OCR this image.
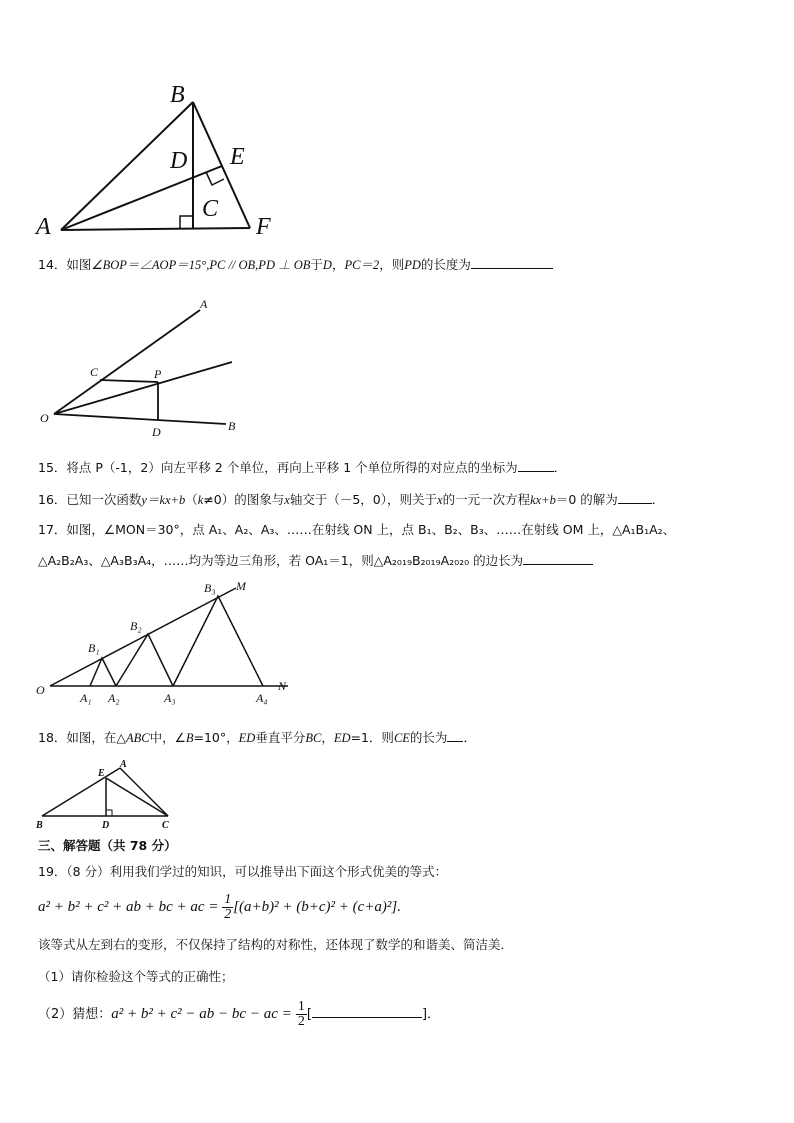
B
D E
C
A	F
14．如图∠BOP＝∠AOP＝15°,PC // OB,PD ⊥ OB于D，PC＝2，则PD的长度为
A
C	P
O
D	B
15．将点 P（-1，2）向左平移 2 个单位，再向上平移 1 个单位所得的对应点的坐标为	．
16．已知一次函数y＝kx+b（k≠0）的图象与x轴交于（－5，0），则关于x的一元一次方程kx+b＝0 的解为	．
17．如图，∠MON＝30°，点 A₁、A₂、A₃、……在射线 ON 上，点 B₁、B₂、B₃、……在射线 OM 上，△A₁B₁A₂、
△A₂B₂A₃、△A₃B₃A₄，……均为等边三角形，若 OA₁＝1，则△A₂₀₁₉B₂₀₁₉A₂₀₂₀ 的边长为
O
M
N
B₁
B₂
B₃
A₁ A₂	A₃	A₄
18．如图，在△ABC中，∠B=10°，ED垂直平分BC，ED=1．则CE的长为 ．
E
A
B	D	C
三、解答题（共 78 分）
19．（8 分）利用我们学过的知识，可以推导出下面这个形式优美的等式：
a² + b² + c² + ab + bc + ac = $\frac{1}{2} [(a+b)^2 + (b+c)^2 + (c+a)^2]$.
该等式从左到右的变形，不仅保持了结构的对称性，还体现了数学的和谐美、简洁美．
（1）请你检验这个等式的正确性；
（2）猜想：a² + b² + c² − ab − bc − ac = $\frac{1}{2}$ [	]．
